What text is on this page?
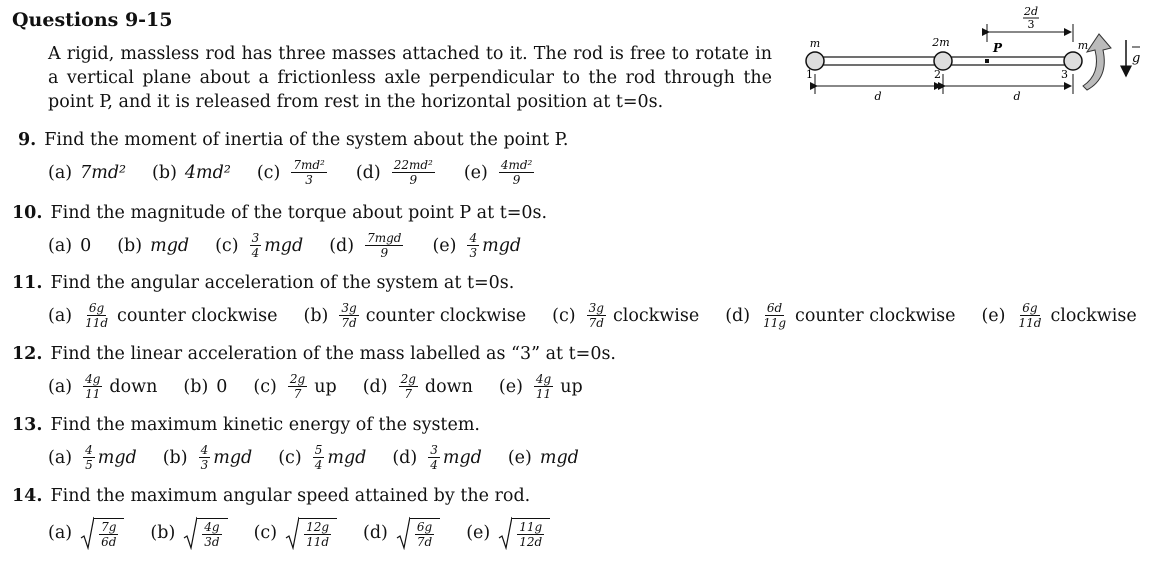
Questions 9-15
A rigid, massless rod has three masses attached to it. The rod is free to rotate in a vertical plane about a frictionless axle perpendicular to the rod through the point P, and it is released from rest in the horizontal position at t=0s.
2d
3
P
m	2m	m
1	2	3
d	d
g
9. Find the moment of inertia of the system about the point P.
(a) 7md² (b) 4md² $(c) \frac{\text{7md²}}{3} (d) \frac{\text{22md²}}{9} (e) \frac{\text{4md²}}{9}$
10. Find the magnitude of the torque about point P at t=0s.
(a) 0 (b) mgd $(c) \frac{3}{4}$ mgd $(d) \frac{\text{7mgd}}{9} (e) \frac{4}{3}$ mgd
11. Find the angular acceleration of the system at t=0s.
$(a) \frac{6g}{11d}$ counter clockwise $(b) \frac{3g}{7d}$ counter clockwise $(c) \frac{3g}{7d}$ clockwise $(d) \frac{6d}{11g}$ counter clockwise $(e) \frac{6g}{11d}$ clockwise
12. Find the linear acceleration of the mass labelled as “3” at t=0s.
$(a) \frac{4g}{11}$ down (b) 0 $(c) \frac{2g}{7}$ up $(d) \frac{2g}{7}$ down $(e) \frac{4g}{11}$ up
13. Find the maximum kinetic energy of the system.
$(a) \frac{4}{5}$ mgd $(b) \frac{4}{3}$ mgd $(c) \frac{5}{4}$ mgd $(d) \frac{3}{4}$ mgd (e) mgd
14. Find the maximum angular speed attained by the rod.
$(a) \frac{7g}{6d} (b) \frac{4g}{3d} (c) \frac{12g}{11d} (d) \frac{6g}{7d} (e) \frac{11g}{12d}$
